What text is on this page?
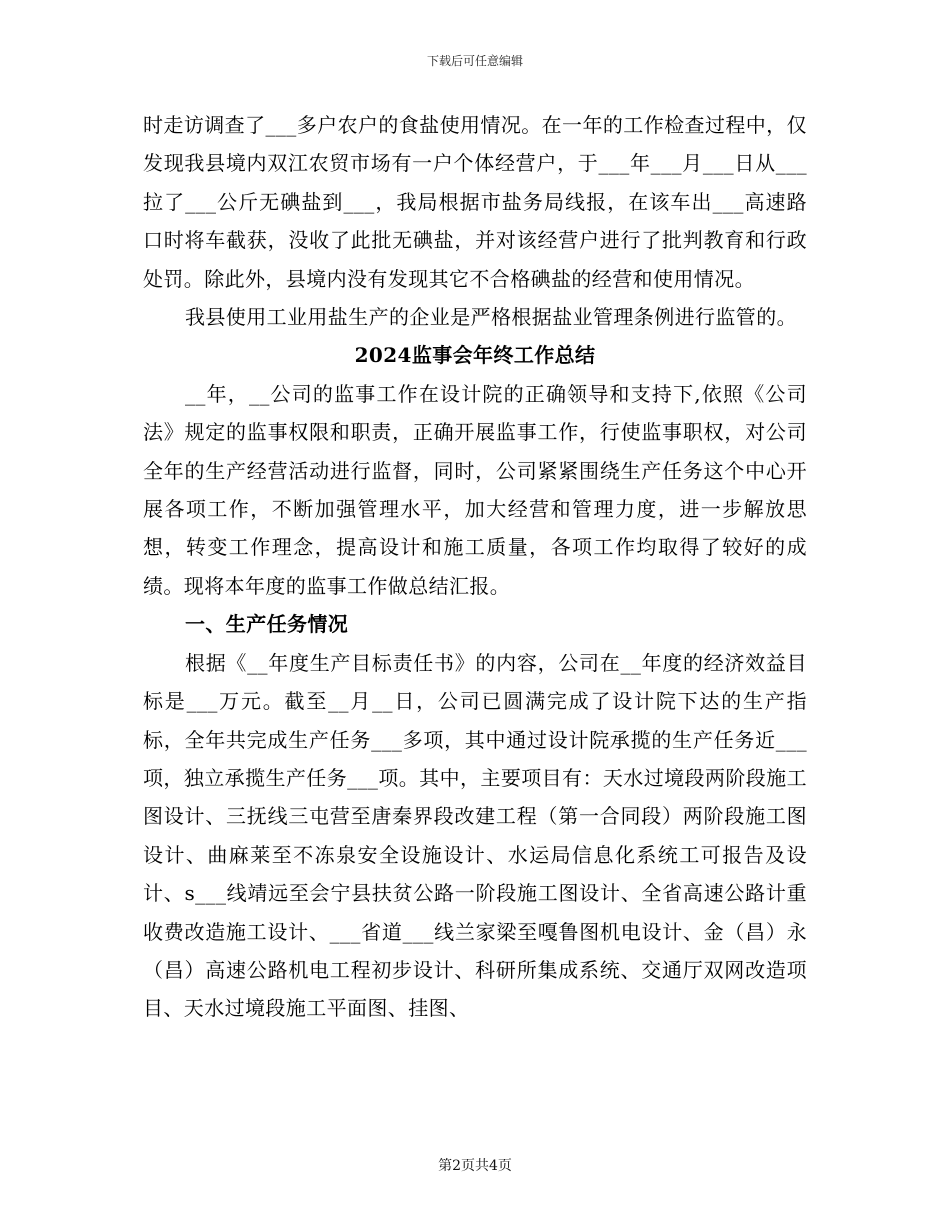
下载后可任意编辑

时走访调查了___多户农户的食盐使用情况。在一年的工作检查过程中，仅发现我县境内双江农贸市场有一户个体经营户，于___年___月___日从___拉了___公斤无碘盐到___，我局根据市盐务局线报，在该车出___高速路口时将车截获，没收了此批无碘盐，并对该经营户进行了批判教育和行政处罚。除此外，县境内没有发现其它不合格碘盐的经营和使用情况。

我县使用工业用盐生产的企业是严格根据盐业管理条例进行监管的。

2024监事会年终工作总结

__年，__公司的监事工作在设计院的正确领导和支持下,依照《公司法》规定的监事权限和职责，正确开展监事工作，行使监事职权，对公司全年的生产经营活动进行监督，同时，公司紧紧围绕生产任务这个中心开展各项工作，不断加强管理水平，加大经营和管理力度，进一步解放思想，转变工作理念，提高设计和施工质量，各项工作均取得了较好的成绩。现将本年度的监事工作做总结汇报。

一、生产任务情况

根据《__年度生产目标责任书》的内容，公司在__年度的经济效益目标是___万元。截至__月__日，公司已圆满完成了设计院下达的生产指标，全年共完成生产任务___多项，其中通过设计院承揽的生产任务近___项，独立承揽生产任务___项。其中，主要项目有：天水过境段两阶段施工图设计、三抚线三屯营至唐秦界段改建工程（第一合同段）两阶段施工图设计、曲麻莱至不冻泉安全设施设计、水运局信息化系统工可报告及设计、s___线靖远至会宁县扶贫公路一阶段施工图设计、全省高速公路计重收费改造施工设计、___省道___线兰家梁至嘎鲁图机电设计、金（昌）永（昌）高速公路机电工程初步设计、科研所集成系统、交通厅双网改造项目、天水过境段施工平面图、挂图、

第2页共4页
